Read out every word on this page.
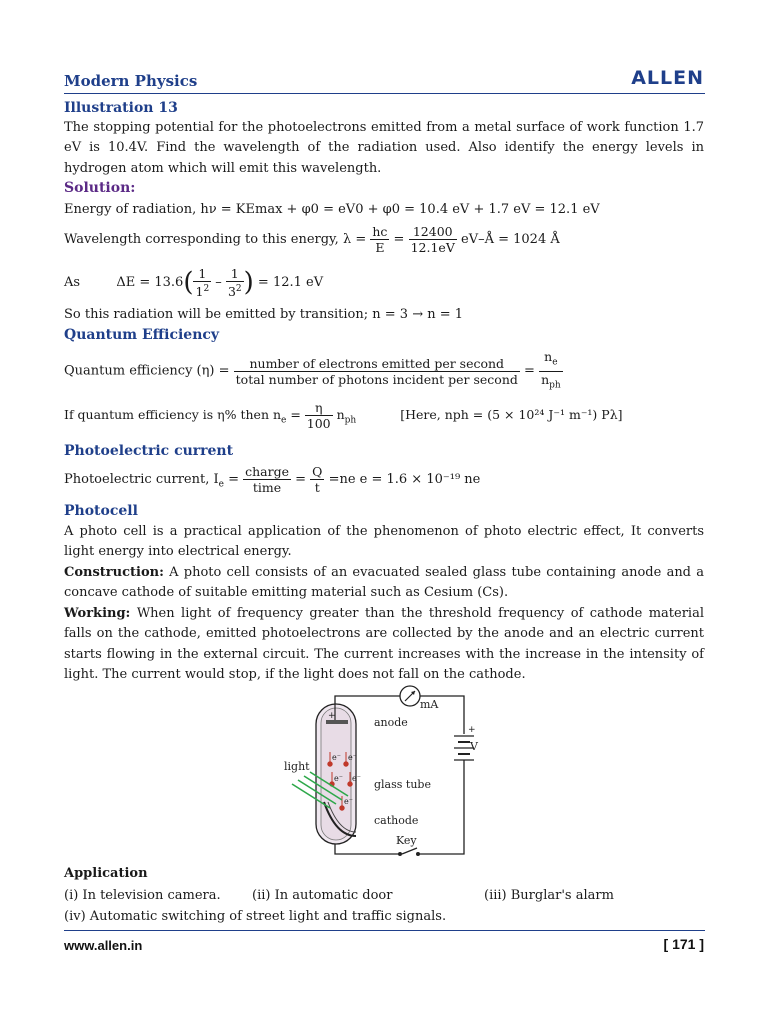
Modern Physics	ALLEN
Illustration 13
The stopping potential for the photoelectrons emitted from a metal surface of work function 1.7 eV is 10.4V. Find the wavelength of the radiation used. Also identify the energy levels in hydrogen atom which will emit this wavelength.
Solution:
Energy of radiation, hν = KEmax + φ0 = eV0 + φ0 = 10.4 eV + 1.7 eV = 12.1 eV
Wavelength corresponding to this energy, $\lambda = \frac{hc}{E} = \frac{12400}{12.1eV}$ eV–Å = 1024 Å
As	$\Delta E = 13.6( \frac{1}{1^2} - \frac{1}{3^2}$ ) = 12.1 eV
So this radiation will be emitted by transition; n = 3 → n = 1
Quantum Efficiency
Quantum efficiency $(\eta) = \frac{\text{number of electrons emitted per second}}{\text{total number of photons incident per second}} = \frac{n_e}{n_{ph}}$
If quantum efficiency is η% then $n_e = \frac{\eta}{100} n_{ph}$	[Here, nph = (5 × 10²⁴ J⁻¹ m⁻¹) Pλ]
Photoelectric current
Photoelectric current, $I_e = \frac{\text{charge}}{\text{time}} = \frac{Q}{t} =ne$ e = 1.6 × 10⁻¹⁹ ne
Photocell
A photo cell is a practical application of the phenomenon of photo electric effect, It converts light energy into electrical energy.
Construction: A photo cell consists of an evacuated sealed glass tube containing anode and a concave cathode of suitable emitting material such as Cesium (Cs).
Working: When light of frequency greater than the threshold frequency of cathode material falls on the cathode, emitted photoelectrons are collected by the anode and an electric current starts flowing in the external circuit. The current increases with the increase in the intensity of light. The current would stop, if the light does not fall on the cathode.
e⁻ e⁻
e⁻ e⁻
e⁻
+
+
anode
light
glass tube
cathode
Key
mA
V
Application
(i) In television camera. (ii) In automatic door	(iii) Burglar's alarm
(iv) Automatic switching of street light and traffic signals.
www.allen.in	[ 171 ]
